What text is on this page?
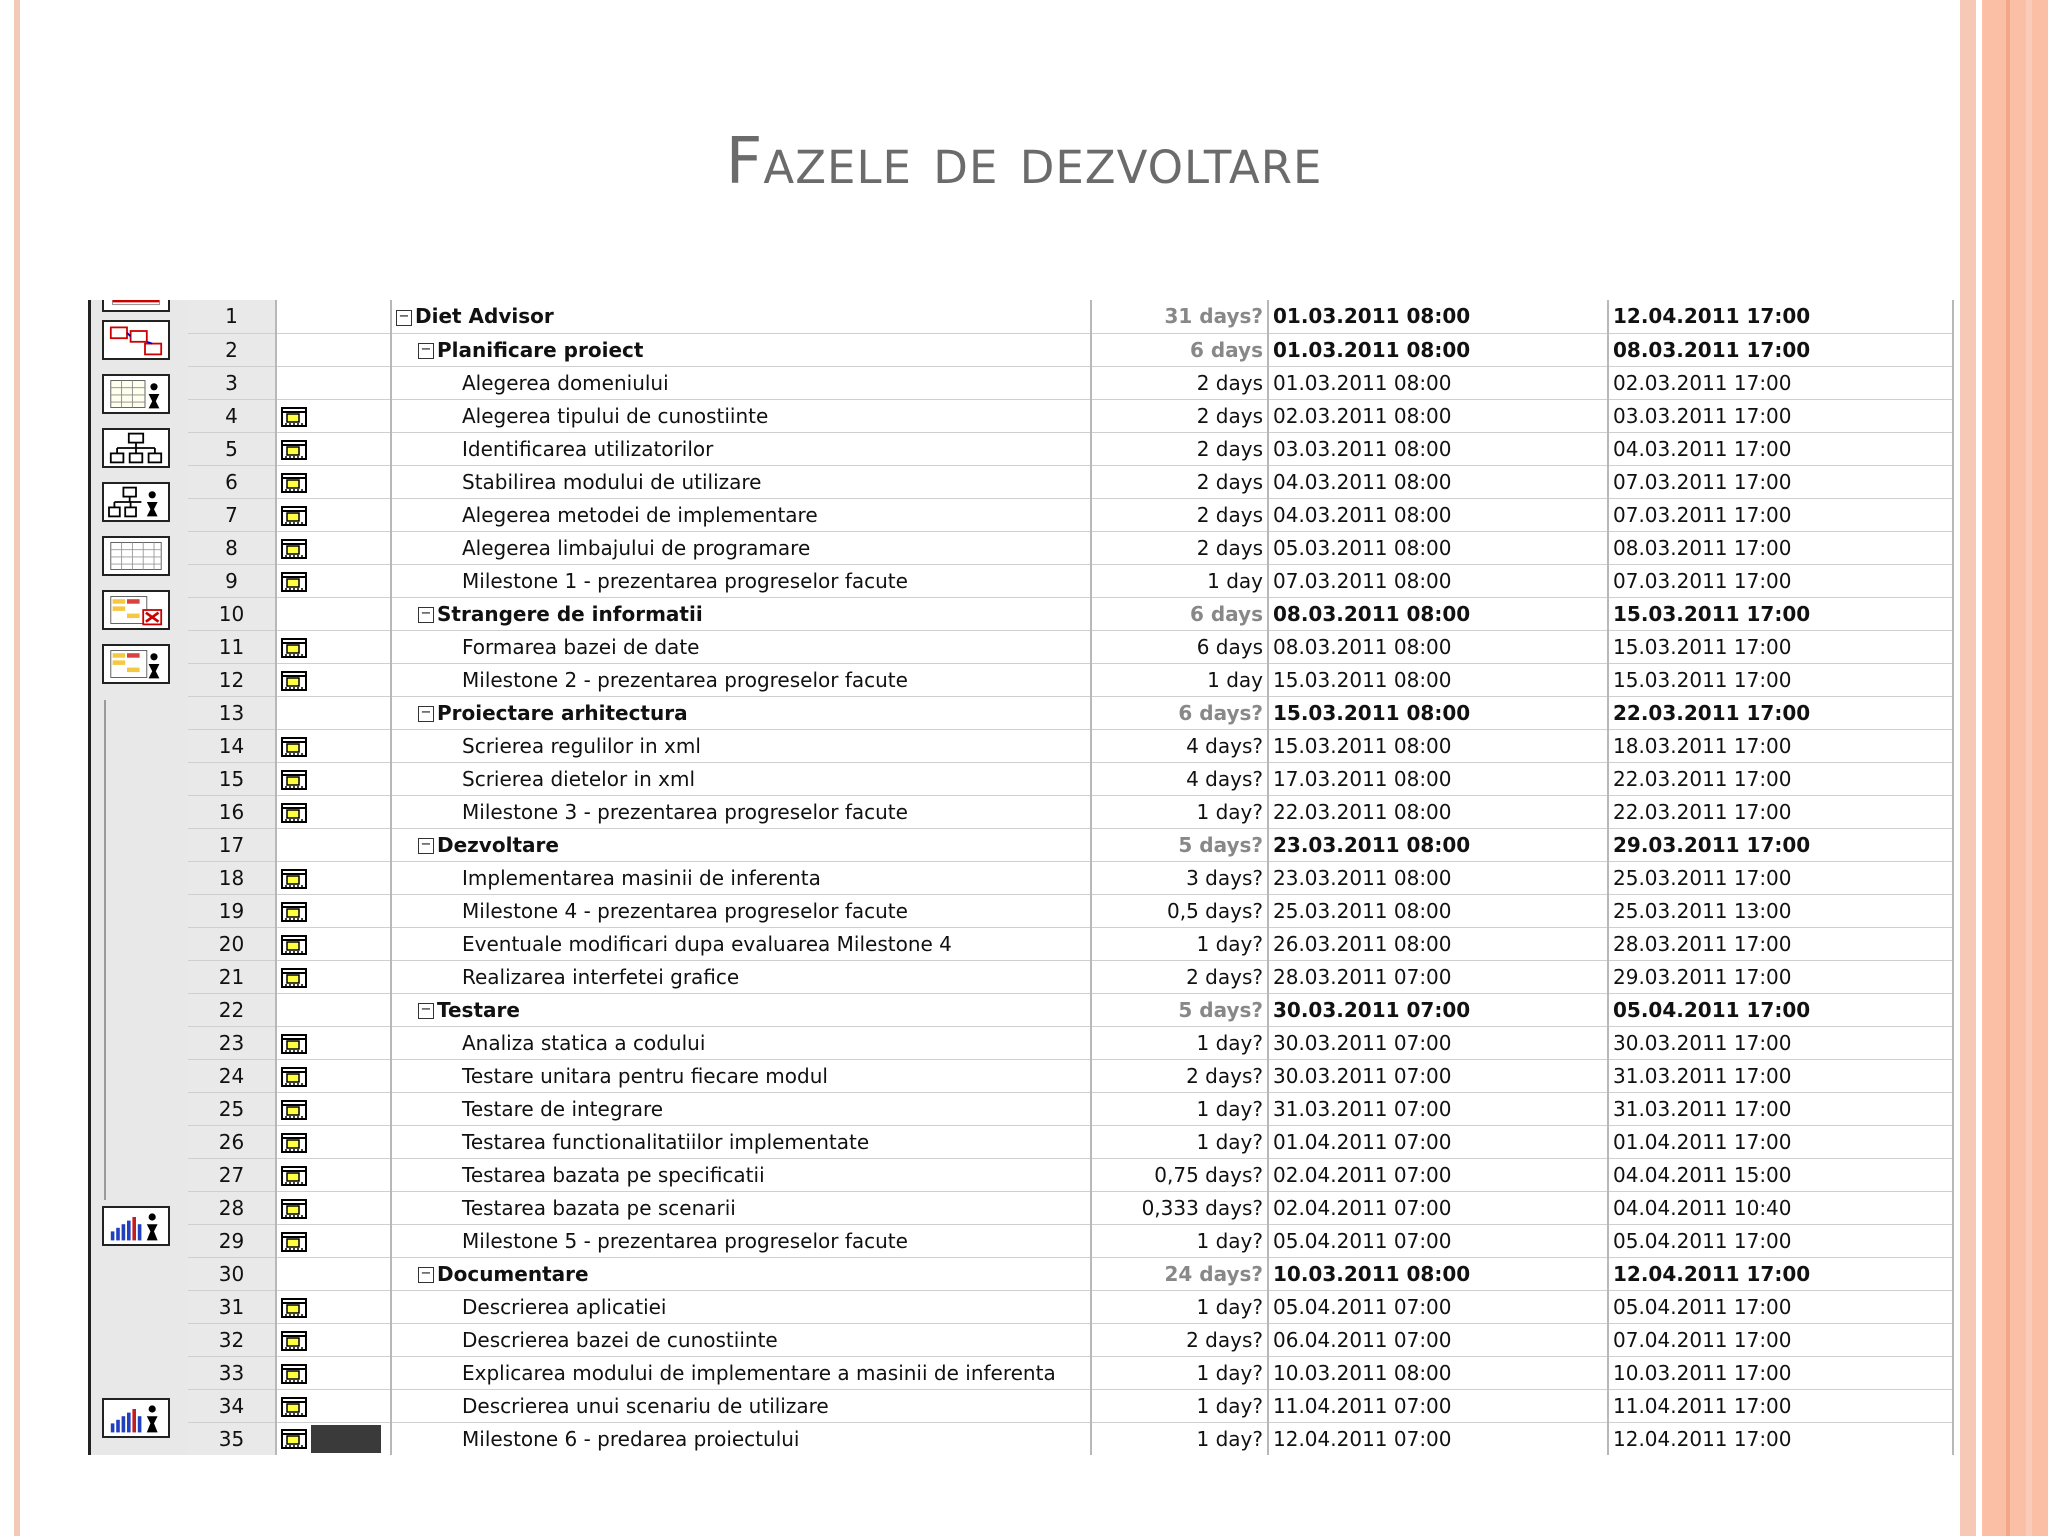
Fazele de dezvoltare
1		− Diet Advisor	31 days?	01.03.2011 08:00	12.04.2011 17:00
2		− Planificare proiect	6 days	01.03.2011 08:00	08.03.2011 17:00
3		Alegerea domeniului	2 days	01.03.2011 08:00	02.03.2011 17:00
4		Alegerea tipului de cunostiinte	2 days	02.03.2011 08:00	03.03.2011 17:00
5		Identificarea utilizatorilor	2 days	03.03.2011 08:00	04.03.2011 17:00
6		Stabilirea modului de utilizare	2 days	04.03.2011 08:00	07.03.2011 17:00
7		Alegerea metodei de implementare	2 days	04.03.2011 08:00	07.03.2011 17:00
8		Alegerea limbajului de programare	2 days	05.03.2011 08:00	08.03.2011 17:00
9		Milestone 1 - prezentarea progreselor facute	1 day	07.03.2011 08:00	07.03.2011 17:00
10		− Strangere de informatii	6 days	08.03.2011 08:00	15.03.2011 17:00
11		Formarea bazei de date	6 days	08.03.2011 08:00	15.03.2011 17:00
12		Milestone 2 - prezentarea progreselor facute	1 day	15.03.2011 08:00	15.03.2011 17:00
13		− Proiectare arhitectura	6 days?	15.03.2011 08:00	22.03.2011 17:00
14		Scrierea regulilor in xml	4 days?	15.03.2011 08:00	18.03.2011 17:00
15		Scrierea dietelor in xml	4 days?	17.03.2011 08:00	22.03.2011 17:00
16		Milestone 3 - prezentarea progreselor facute	1 day?	22.03.2011 08:00	22.03.2011 17:00
17		− Dezvoltare	5 days?	23.03.2011 08:00	29.03.2011 17:00
18		Implementarea masinii de inferenta	3 days?	23.03.2011 08:00	25.03.2011 17:00
19		Milestone 4 - prezentarea progreselor facute	0,5 days?	25.03.2011 08:00	25.03.2011 13:00
20		Eventuale modificari dupa evaluarea Milestone 4	1 day?	26.03.2011 08:00	28.03.2011 17:00
21		Realizarea interfetei grafice	2 days?	28.03.2011 07:00	29.03.2011 17:00
22		− Testare	5 days?	30.03.2011 07:00	05.04.2011 17:00
23		Analiza statica a codului	1 day?	30.03.2011 07:00	30.03.2011 17:00
24		Testare unitara pentru fiecare modul	2 days?	30.03.2011 07:00	31.03.2011 17:00
25		Testare de integrare	1 day?	31.03.2011 07:00	31.03.2011 17:00
26		Testarea functionalitatiilor implementate	1 day?	01.04.2011 07:00	01.04.2011 17:00
27		Testarea bazata pe specificatii	0,75 days?	02.04.2011 07:00	04.04.2011 15:00
28		Testarea bazata pe scenarii	0,333 days?	02.04.2011 07:00	04.04.2011 10:40
29		Milestone 5 - prezentarea progreselor facute	1 day?	05.04.2011 07:00	05.04.2011 17:00
30		− Documentare	24 days?	10.03.2011 08:00	12.04.2011 17:00
31		Descrierea aplicatiei	1 day?	05.04.2011 07:00	05.04.2011 17:00
32		Descrierea bazei de cunostiinte	2 days?	06.04.2011 07:00	07.04.2011 17:00
33		Explicarea modului de implementare a masinii de inferenta	1 day?	10.03.2011 08:00	10.03.2011 17:00
34		Descrierea unui scenariu de utilizare	1 day?	11.04.2011 07:00	11.04.2011 17:00
35		Milestone 6 - predarea proiectului	1 day?	12.04.2011 07:00	12.04.2011 17:00
